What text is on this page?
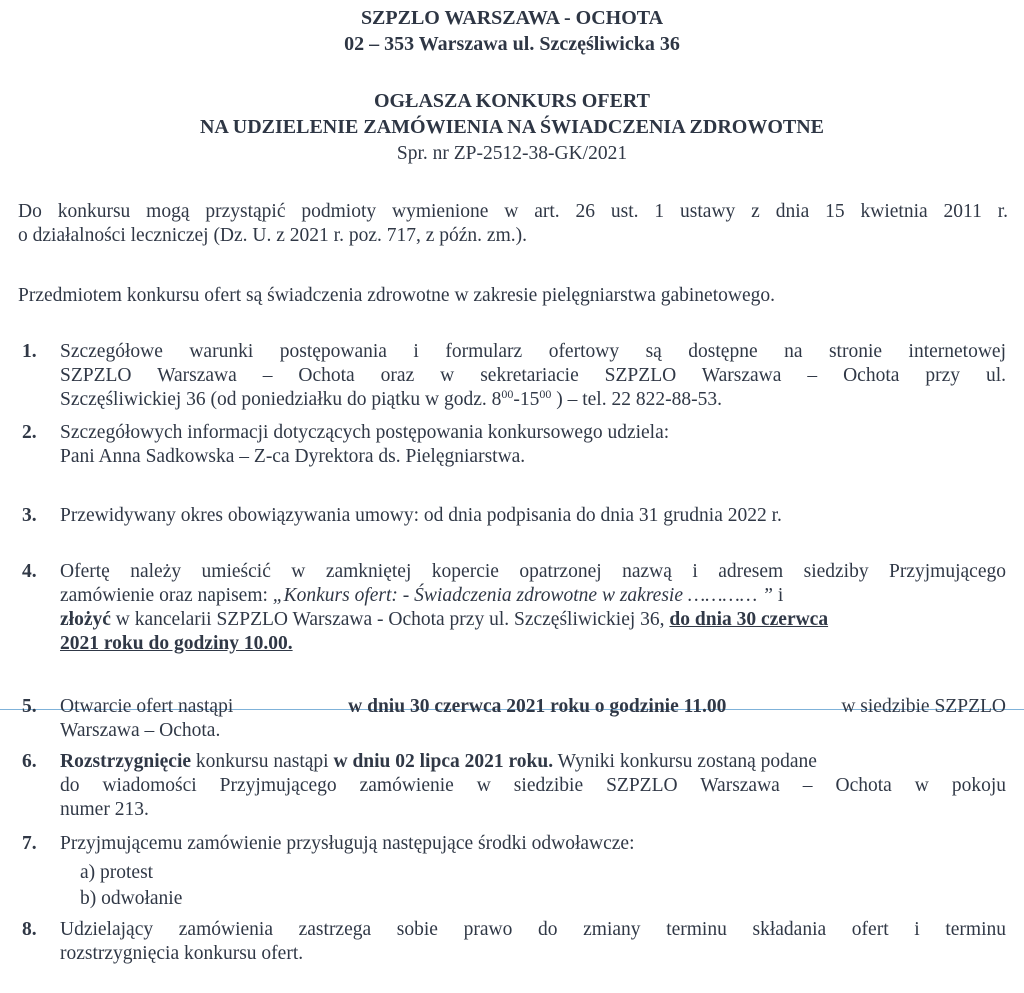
SZPZLO WARSZAWA - OCHOTA
02 – 353 Warszawa ul. Szczęśliwicka 36
OGŁASZA KONKURS OFERT
NA UDZIELENIE ZAMÓWIENIA NA ŚWIADCZENIA ZDROWOTNE
Spr. nr ZP-2512-38-GK/2021
Do konkursu mogą przystąpić podmioty wymienione w art. 26 ust. 1 ustawy z dnia 15 kwietnia 2011 r.
o działalności leczniczej (Dz. U. z 2021 r. poz. 717, z późn. zm.).
Przedmiotem konkursu ofert są świadczenia zdrowotne w zakresie pielęgniarstwa gabinetowego.
1. Szczegółowe warunki postępowania i formularz ofertowy są dostępne na stronie internetowej
SZPZLO Warszawa – Ochota oraz w sekretariacie SZPZLO Warszawa – Ochota przy ul.
Szczęśliwickiej 36 (od poniedziałku do piątku w godz. $8^{00}-15^{00}$ ) – tel. 22 822-88-53.
2. Szczegółowych informacji dotyczących postępowania konkursowego udziela:
Pani Anna Sadkowska – Z-ca Dyrektora ds. Pielęgniarstwa.
3. Przewidywany okres obowiązywania umowy: od dnia podpisania do dnia 31 grudnia 2022 r.
4. Ofertę należy umieścić w zamkniętej kopercie opatrzonej nazwą i adresem siedziby Przyjmującego
zamówienie oraz napisem: „Konkurs ofert: - Świadczenia zdrowotne w zakresie ………… ” i
złożyć w kancelarii SZPZLO Warszawa - Ochota przy ul. Szczęśliwickiej 36, do dnia 30 czerwca
2021 roku do godziny 10.00.
5. Otwarcie ofert nastąpi	w dniu 30 czerwca 2021 roku o godzinie 11.00	w siedzibie SZPZLO
Warszawa – Ochota.
6. Rozstrzygnięcie konkursu nastąpi w dniu 02 lipca 2021 roku. Wyniki konkursu zostaną podane
do wiadomości Przyjmującego zamówienie w siedzibie SZPZLO Warszawa – Ochota w pokoju
numer 213.
7. Przyjmującemu zamówienie przysługują następujące środki odwoławcze:
a) protest
b) odwołanie
8. Udzielający zamówienia zastrzega sobie prawo do zmiany terminu składania ofert i terminu
rozstrzygnięcia konkursu ofert.
